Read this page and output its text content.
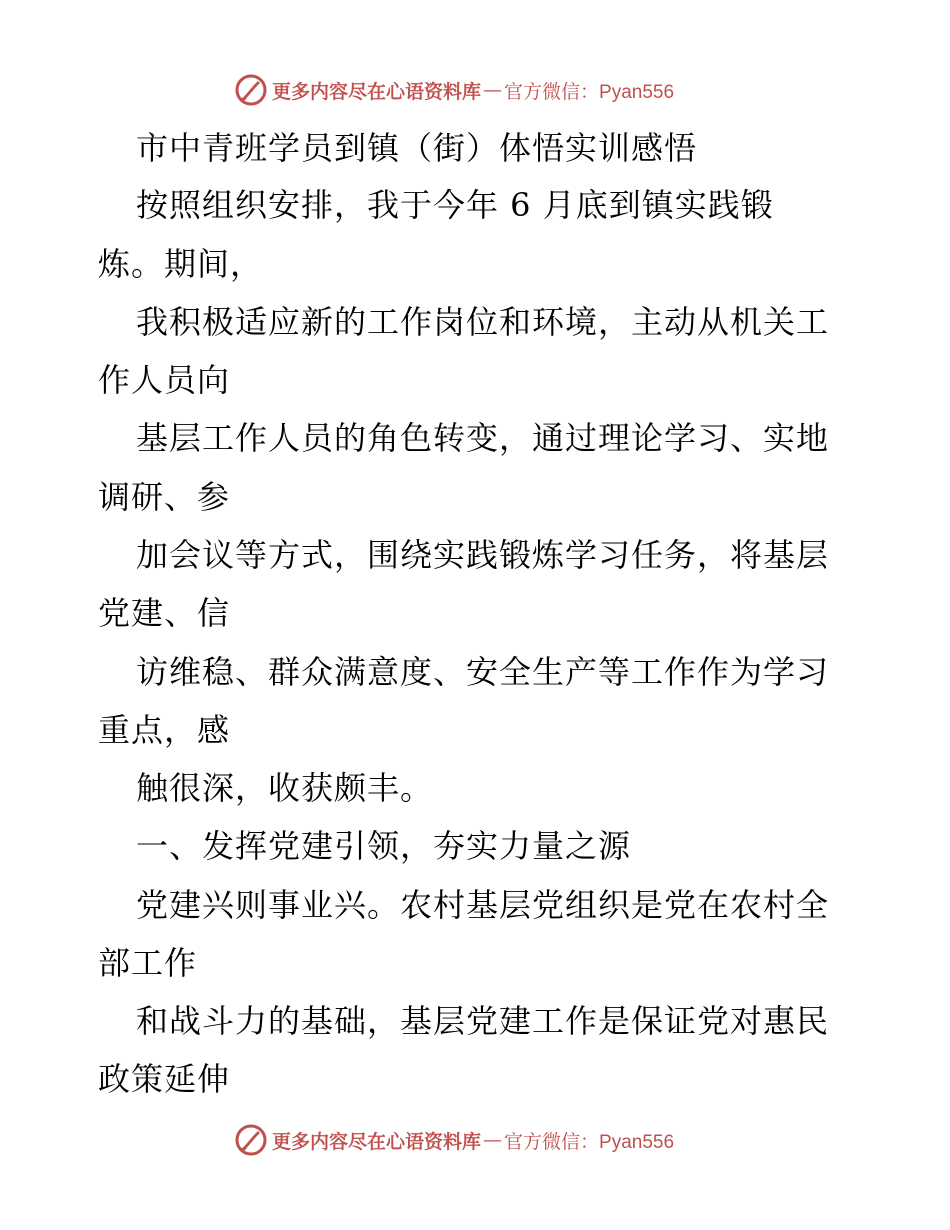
更多内容尽在心语资料库 — 官方微信：Pyan556
市中青班学员到镇（街）体悟实训感悟
按照组织安排，我于今年 6 月底到镇实践锻
炼。期间，
我积极适应新的工作岗位和环境，主动从机关工
作人员向
基层工作人员的角色转变，通过理论学习、实地
调研、参
加会议等方式，围绕实践锻炼学习任务，将基层
党建、信
访维稳、群众满意度、安全生产等工作作为学习
重点，感
触很深，收获颇丰。
一、发挥党建引领，夯实力量之源
党建兴则事业兴。农村基层党组织是党在农村全
部工作
和战斗力的基础，基层党建工作是保证党对惠民
政策延伸
更多内容尽在心语资料库 — 官方微信：Pyan556
